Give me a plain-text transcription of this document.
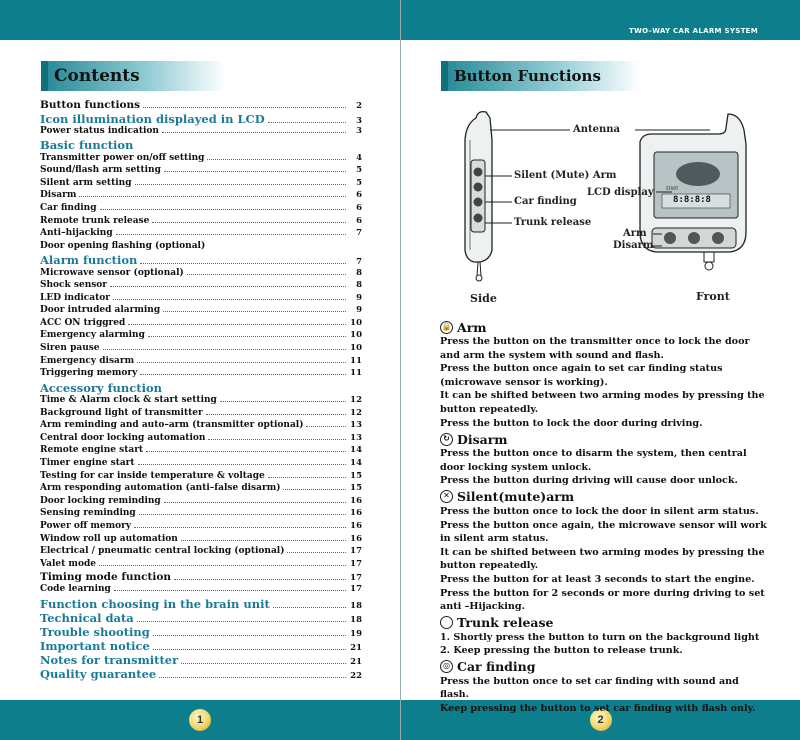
Contents
Button functions	2
Icon illumination displayed in LCD	3
Power status indication	3
Basic function
Transmitter power on/off setting	4
Sound/flash arm setting	5
Silent arm setting	5
Disarm	6
Car finding	6
Remote trunk release	6
Anti–hijacking	7
Door opening flashing (optional)
Alarm function	7
Microwave sensor (optional)	8
Shock sensor	8
LED indicator	9
Door intruded alarming	9
ACC ON triggred	10
Emergency alarming	10
Siren pause	10
Emergency disarm	11
Triggering memory	11
Accessory function
Time & Alarm clock & start setting	12
Background light of transmitter	12
Arm reminding and auto–arm (transmitter optional)	13
Central door locking automation	13
Remote engine start	14
Timer engine start	14
Testing for car inside temperature & voltage	15
Arm responding automation (anti–false disarm)	15
Door locking reminding	16
Sensing reminding	16
Power off memory	16
Window roll up automation	16
Electrical / pneumatic central locking (optional)	17
Valet mode	17
Timing mode function	17
Code learning	17
Function choosing in the brain unit	18
Technical data	18
Trouble shooting	19
Important notice	21
Notes for transmitter	21
Quality guarantee	22
1
TWO–WAY CAR ALARM SYSTEM
Button Functions
2
8:8:8:8
START
Antenna
Silent (Mute) Arm
LCD display
Car finding
Trunk release
Arm
Disarm
Side	Front
🔒 Arm
Press the button on the transmitter once to lock the door and arm the system with sound and flash.
Press the button once again to set car finding status (microwave sensor is working).
It can be shifted between two arming modes by pressing the button repeatedly.
Press the button to lock the door during driving.
↻ Disarm
Press the button once to disarm the system, then central door locking system unlock.
Press the button during driving will cause door unlock.
✕ Silent(mute)arm
Press the button once to lock the door in silent arm status.
Press the button once again, the microwave sensor will work in silent arm status.
It can be shifted between two arming modes by pressing the button repeatedly.
Press the button for at least 3 seconds to start the engine.
Press the button for 2 seconds or more during driving to set anti –Hijacking.
Trunk release
1. Shortly press the button to turn on the background light
2. Keep pressing the button to release trunk.
◎ Car finding
Press the button once to set car finding with sound and flash.
Keep pressing the button to set car finding with flash only.
